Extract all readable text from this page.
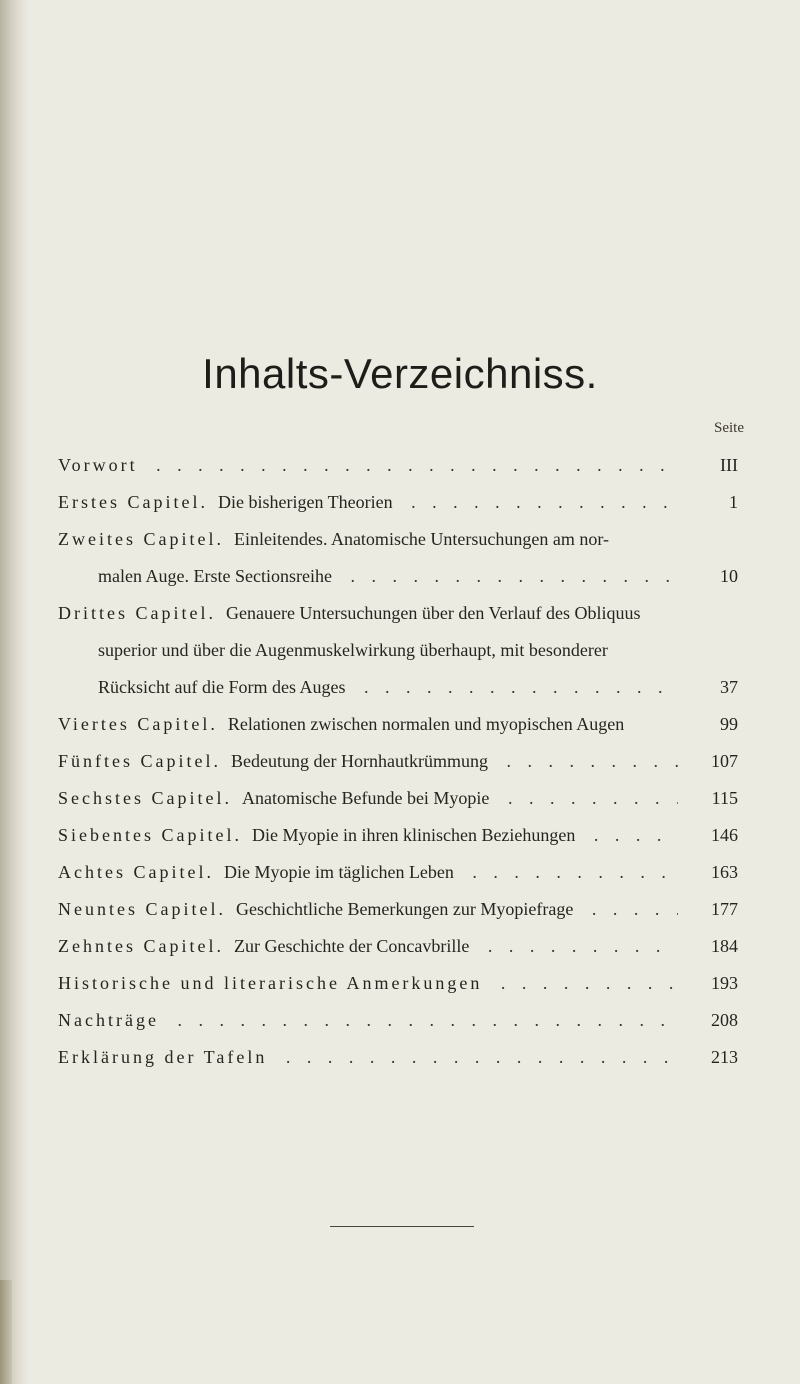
Inhalts-Verzeichniss.
Seite
Vorwort . . .	III
Erstes Capitel. Die bisherigen Theorien . . .	1
Zweites Capitel. Einleitendes. Anatomische Untersuchungen am nor-
malen Auge. Erste Sectionsreihe . . .	10
Drittes Capitel. Genauere Untersuchungen über den Verlauf des Obliquus
superior und über die Augenmuskelwirkung überhaupt, mit besonderer
Rücksicht auf die Form des Auges . . .	37
Viertes Capitel. Relationen zwischen normalen und myopischen Augen	99
Fünftes Capitel. Bedeutung der Hornhautkrümmung . . .	107
Sechstes Capitel. Anatomische Befunde bei Myopie . . .	115
Siebentes Capitel. Die Myopie in ihren klinischen Beziehungen . . .	146
Achtes Capitel. Die Myopie im täglichen Leben . . .	163
Neuntes Capitel. Geschichtliche Bemerkungen zur Myopiefrage . . .	177
Zehntes Capitel. Zur Geschichte der Concavbrille . . .	184
Historische und literarische Anmerkungen . . .	193
Nachträge . . .	208
Erklärung der Tafeln . . .	213
